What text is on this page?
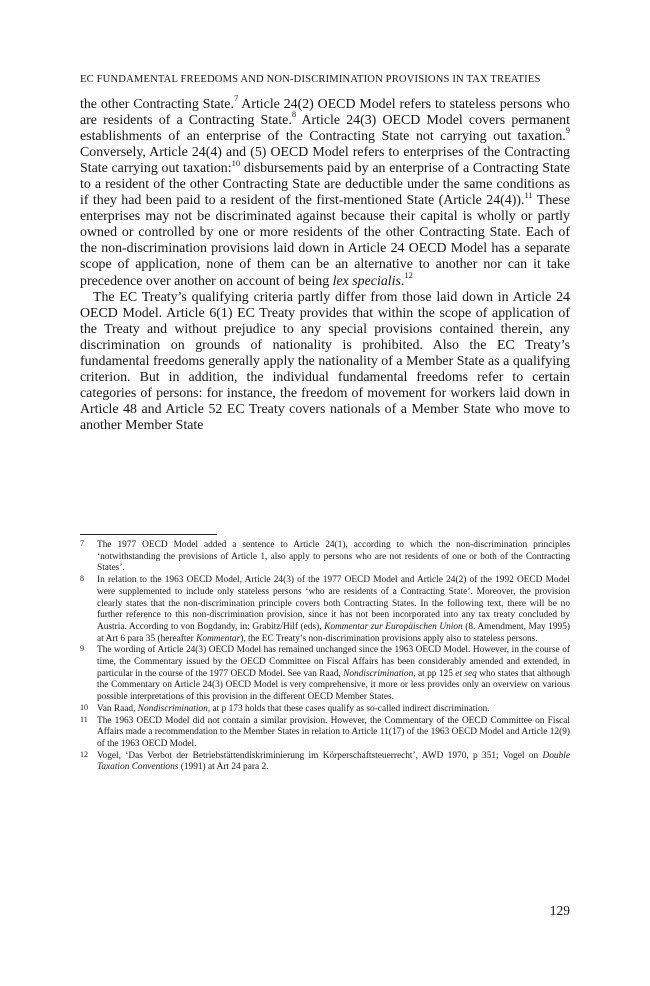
EC FUNDAMENTAL FREEDOMS AND NON-DISCRIMINATION PROVISIONS IN TAX TREATIES

the other Contracting State.$^7$ Article 24(2) OECD Model refers to stateless persons who are residents of a Contracting State.$^8$ Article 24(3) OECD Model covers permanent establishments of an enterprise of the Contracting State not carrying out taxation.$^9$ Conversely, Article 24(4) and (5) OECD Model refers to enterprises of the Contracting State carrying out taxation:$^{10}$ disbursements paid by an enterprise of a Contracting State to a resident of the other Contracting State are deductible under the same conditions as if they had been paid to a resident of the first-mentioned State (Article 24(4)).$^{11}$ These enterprises may not be discriminated against because their capital is wholly or partly owned or controlled by one or more residents of the other Contracting State. Each of the non-discrimination provisions laid down in Article 24 OECD Model has a separate scope of application, none of them can be an alternative to another nor can it take precedence over another on account of being lex specialis.$^{12}$

The EC Treaty’s qualifying criteria partly differ from those laid down in Article 24 OECD Model. Article 6(1) EC Treaty provides that within the scope of application of the Treaty and without prejudice to any special provisions contained therein, any discrimination on grounds of nationality is prohibited. Also the EC Treaty’s fundamental freedoms generally apply the nationality of a Member State as a qualifying criterion. But in addition, the individual fundamental freedoms refer to certain categories of persons: for instance, the freedom of movement for workers laid down in Article 48 and Article 52 EC Treaty covers nationals of a Member State who move to another Member State

7 The 1977 OECD Model added a sentence to Article 24(1), according to which the non-discrimination principles ‘notwithstanding the provisions of Article 1, also apply to persons who are not residents of one or both of the Contracting States’.
8 In relation to the 1963 OECD Model, Article 24(3) of the 1977 OECD Model and Article 24(2) of the 1992 OECD Model were supplemented to include only stateless persons ‘who are residents of a Contracting State’. Moreover, the provision clearly states that the non-discrimination principle covers both Contracting States. In the following text, there will be no further reference to this non-discrimination provision, since it has not been incorporated into any tax treaty concluded by Austria. According to von Bogdandy, in: Grabitz/Hilf (eds), Kommentar zur Europäischen Union (8. Amendment, May 1995) at Art 6 para 35 (hereafter Kommentar), the EC Treaty’s non-discrimination provisions apply also to stateless persons.
9 The wording of Article 24(3) OECD Model has remained unchanged since the 1963 OECD Model. However, in the course of time, the Commentary issued by the OECD Committee on Fiscal Affairs has been considerably amended and extended, in particular in the course of the 1977 OECD Model. See van Raad, Nondiscrimination, at pp 125 et seq who states that although the Commentary on Article 24(3) OECD Model is very comprehensive, it more or less provides only an overview on various possible interpretations of this provision in the different OECD Member States.
10 Van Raad, Nondiscrimination, at p 173 holds that these cases qualify as so-called indirect discrimination.
11 The 1963 OECD Model did not contain a similar provision. However, the Commentary of the OECD Committee on Fiscal Affairs made a recommendation to the Member States in relation to Article 11(17) of the 1963 OECD Model and Article 12(9) of the 1963 OECD Model.
12 Vogel, ‘Das Verbot der Betriebstättendiskriminierung im Körperschaftsteuerrecht’, AWD 1970, p 351; Vogel on Double Taxation Conventions (1991) at Art 24 para 2.
129
